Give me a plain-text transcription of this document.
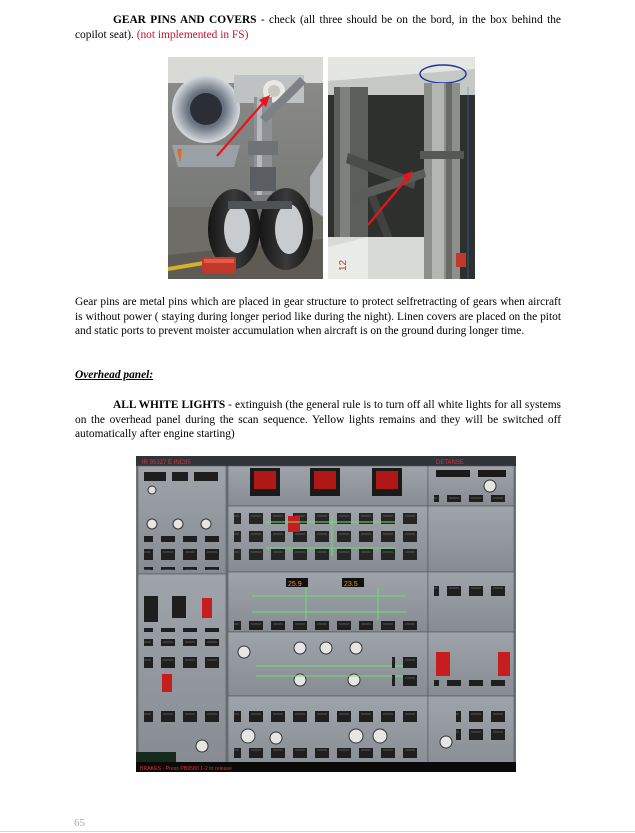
GEAR PINS AND COVERS - check (all three should be on the bord, in the box behind the copilot seat). (not implemented in FS)
12
Gear pins are metal pins which are placed in gear structure to protect selfretracting of gears when aircraft is without power ( staying during longer period like during the night). Linen covers are placed on the pitot and static ports to prevent moister accumulation when aircraft is on the ground during longer time.
Overhead panel:
ALL WHITE LIGHTS - extinguish (the general rule is to turn off all white lights for all systems on the overhead panel during the scan sequence. Yellow lights remains and they will be switched off automatically after engine starting)
IR 95327 E INC95	DETANSE
25.9	23.5
BRAKES - Press PB9580 1-2 to release
65
